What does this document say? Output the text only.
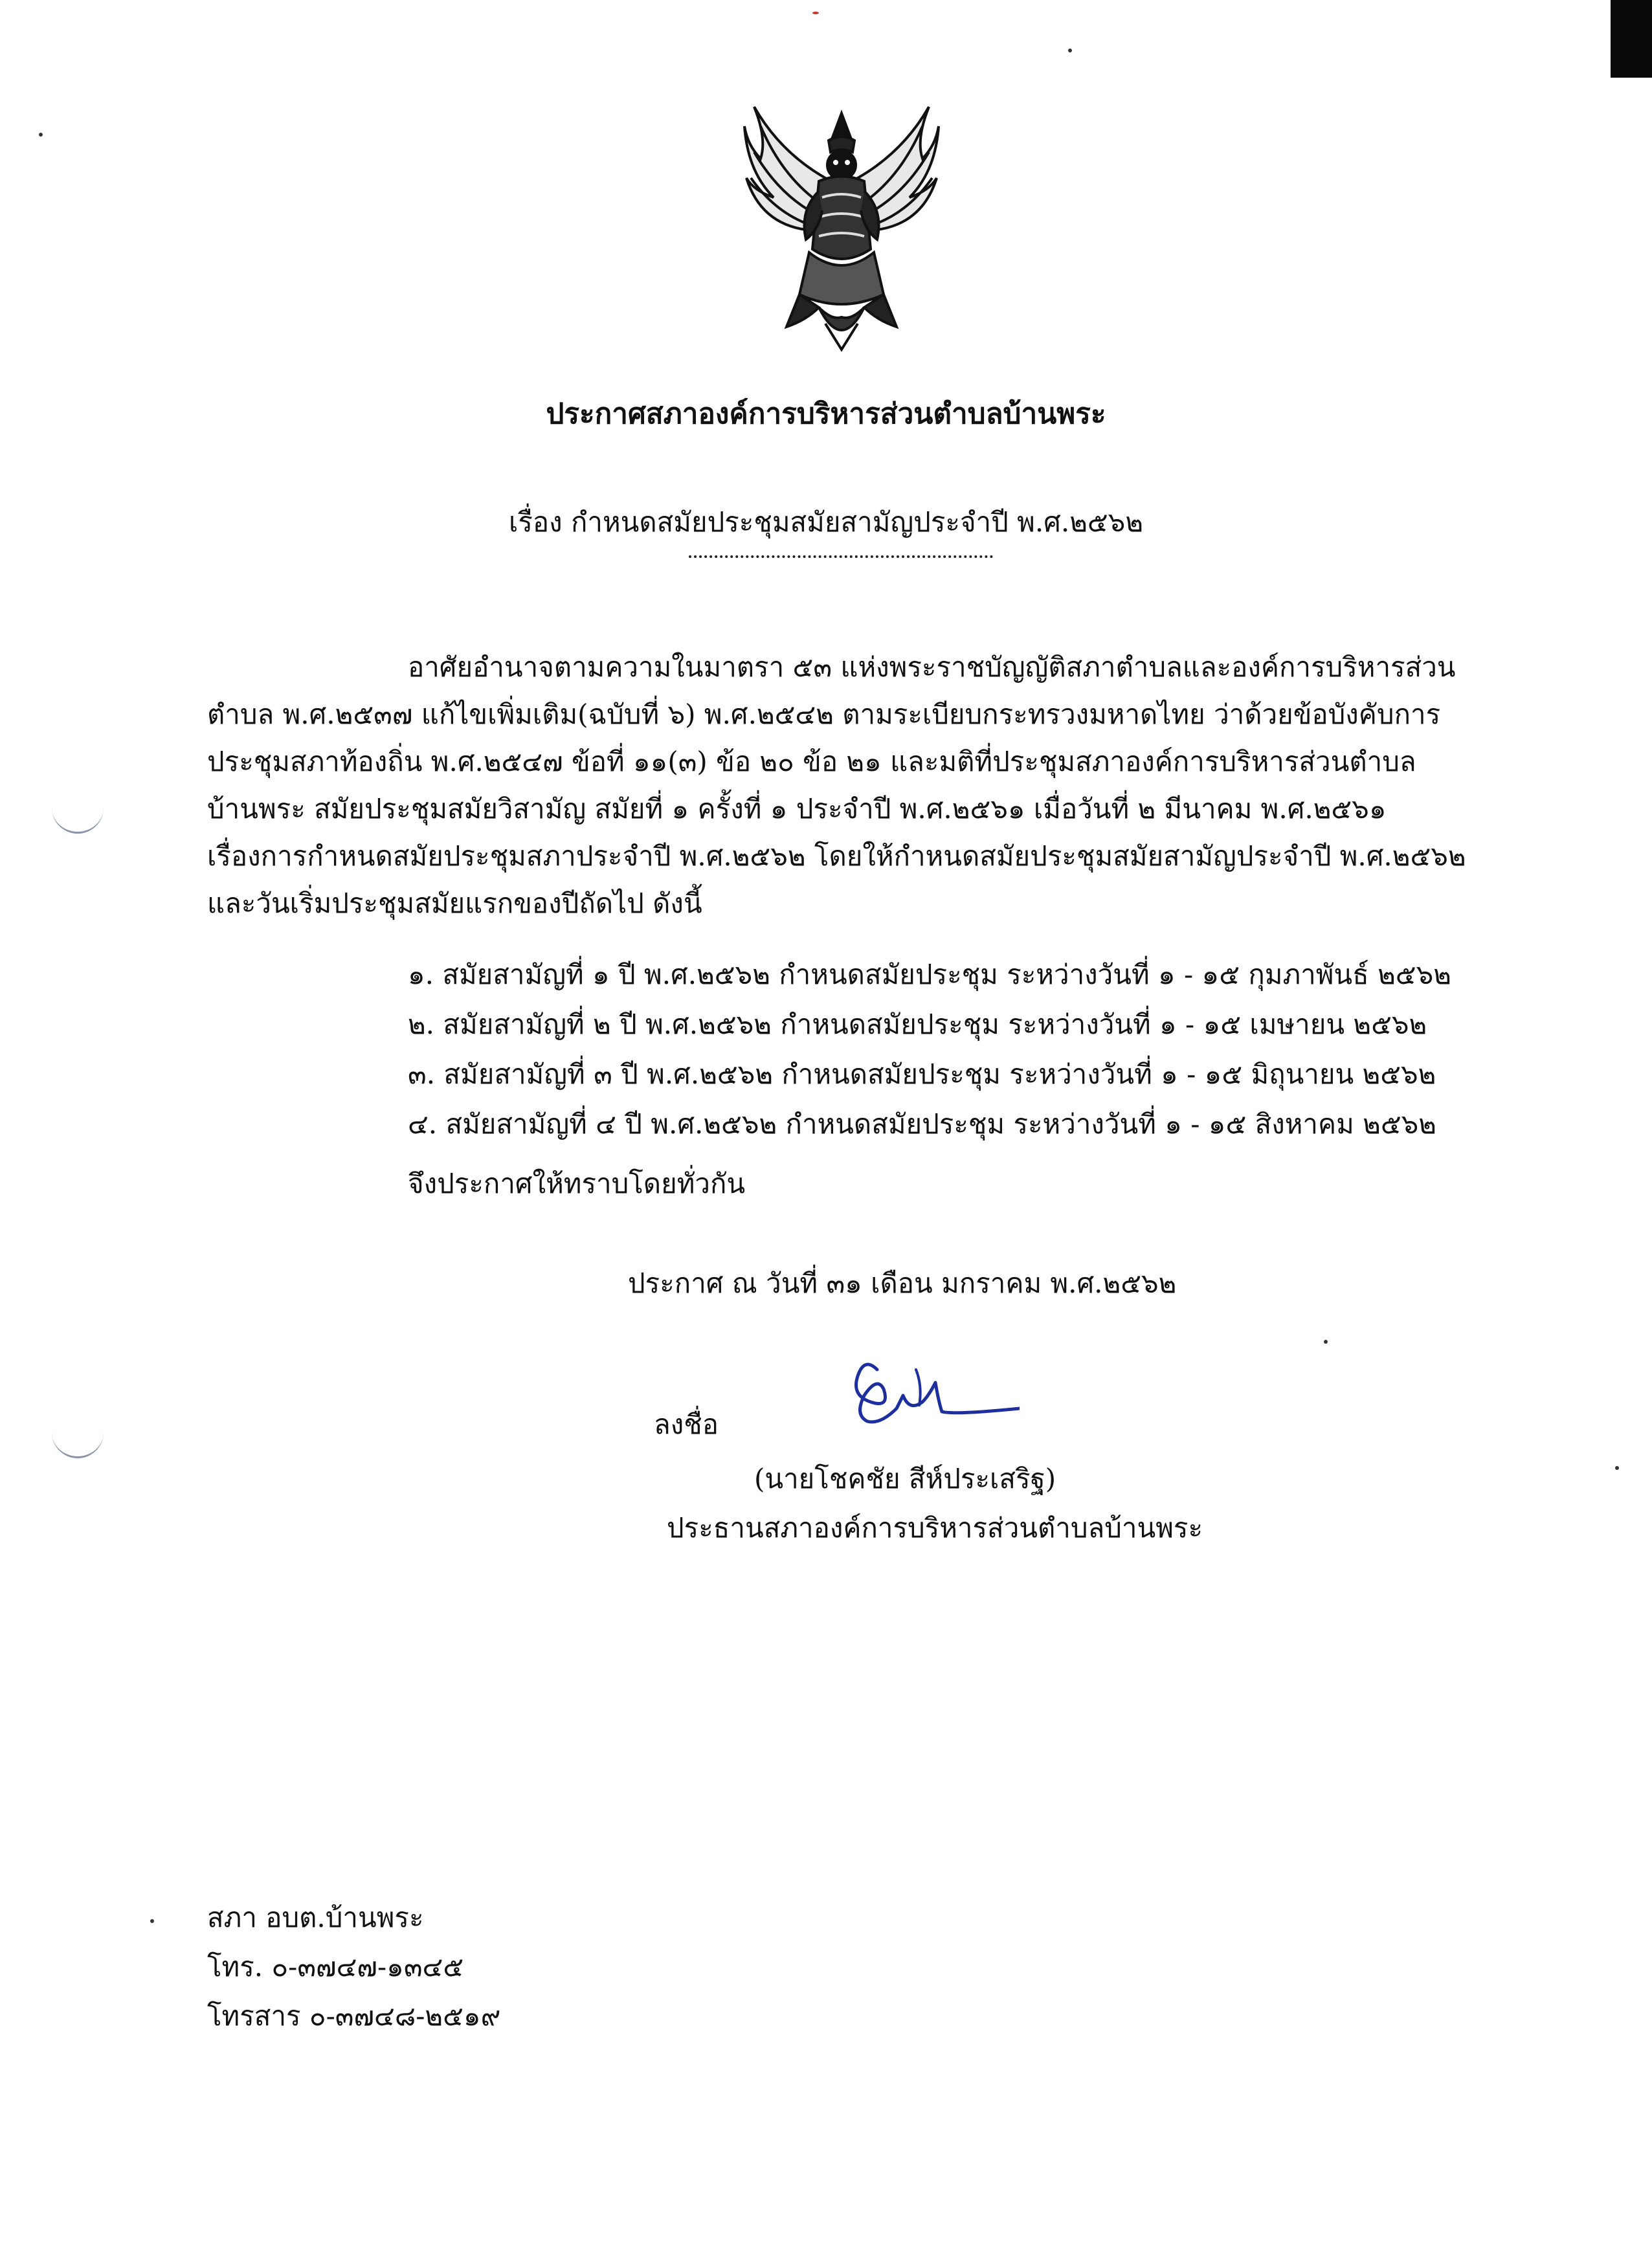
ประกาศสภาองค์การบริหารส่วนตำบลบ้านพระ
เรื่อง กำหนดสมัยประชุมสมัยสามัญประจำปี พ.ศ.๒๕๖๒
อาศัยอำนาจตามความในมาตรา ๕๓ แห่งพระราชบัญญัติสภาตำบลและองค์การบริหารส่วน
ตำบล พ.ศ.๒๕๓๗ แก้ไขเพิ่มเติม(ฉบับที่ ๖) พ.ศ.๒๕๔๒ ตามระเบียบกระทรวงมหาดไทย ว่าด้วยข้อบังคับการ
ประชุมสภาท้องถิ่น พ.ศ.๒๕๔๗ ข้อที่ ๑๑(๓) ข้อ ๒๐ ข้อ ๒๑ และมติที่ประชุมสภาองค์การบริหารส่วนตำบล
บ้านพระ สมัยประชุมสมัยวิสามัญ สมัยที่ ๑ ครั้งที่ ๑ ประจำปี พ.ศ.๒๕๖๑ เมื่อวันที่ ๒ มีนาคม พ.ศ.๒๕๖๑
เรื่องการกำหนดสมัยประชุมสภาประจำปี พ.ศ.๒๕๖๒ โดยให้กำหนดสมัยประชุมสมัยสามัญประจำปี พ.ศ.๒๕๖๒
และวันเริ่มประชุมสมัยแรกของปีถัดไป ดังนี้
๑. สมัยสามัญที่ ๑ ปี พ.ศ.๒๕๖๒ กำหนดสมัยประชุม ระหว่างวันที่ ๑ - ๑๕ กุมภาพันธ์ ๒๕๖๒
๒. สมัยสามัญที่ ๒ ปี พ.ศ.๒๕๖๒ กำหนดสมัยประชุม ระหว่างวันที่ ๑ - ๑๕ เมษายน ๒๕๖๒
๓. สมัยสามัญที่ ๓ ปี พ.ศ.๒๕๖๒ กำหนดสมัยประชุม ระหว่างวันที่ ๑ - ๑๕ มิถุนายน ๒๕๖๒
๔. สมัยสามัญที่ ๔ ปี พ.ศ.๒๕๖๒ กำหนดสมัยประชุม ระหว่างวันที่ ๑ - ๑๕ สิงหาคม ๒๕๖๒
จึงประกาศให้ทราบโดยทั่วกัน
ประกาศ ณ วันที่ ๓๑ เดือน มกราคม พ.ศ.๒๕๖๒
ลงชื่อ
(นายโชคชัย สีห์ประเสริฐ)
ประธานสภาองค์การบริหารส่วนตำบลบ้านพระ
สภา อบต.บ้านพระ
โทร. ๐-๓๗๔๗-๑๓๔๕
โทรสาร ๐-๓๗๔๘-๒๕๑๙
